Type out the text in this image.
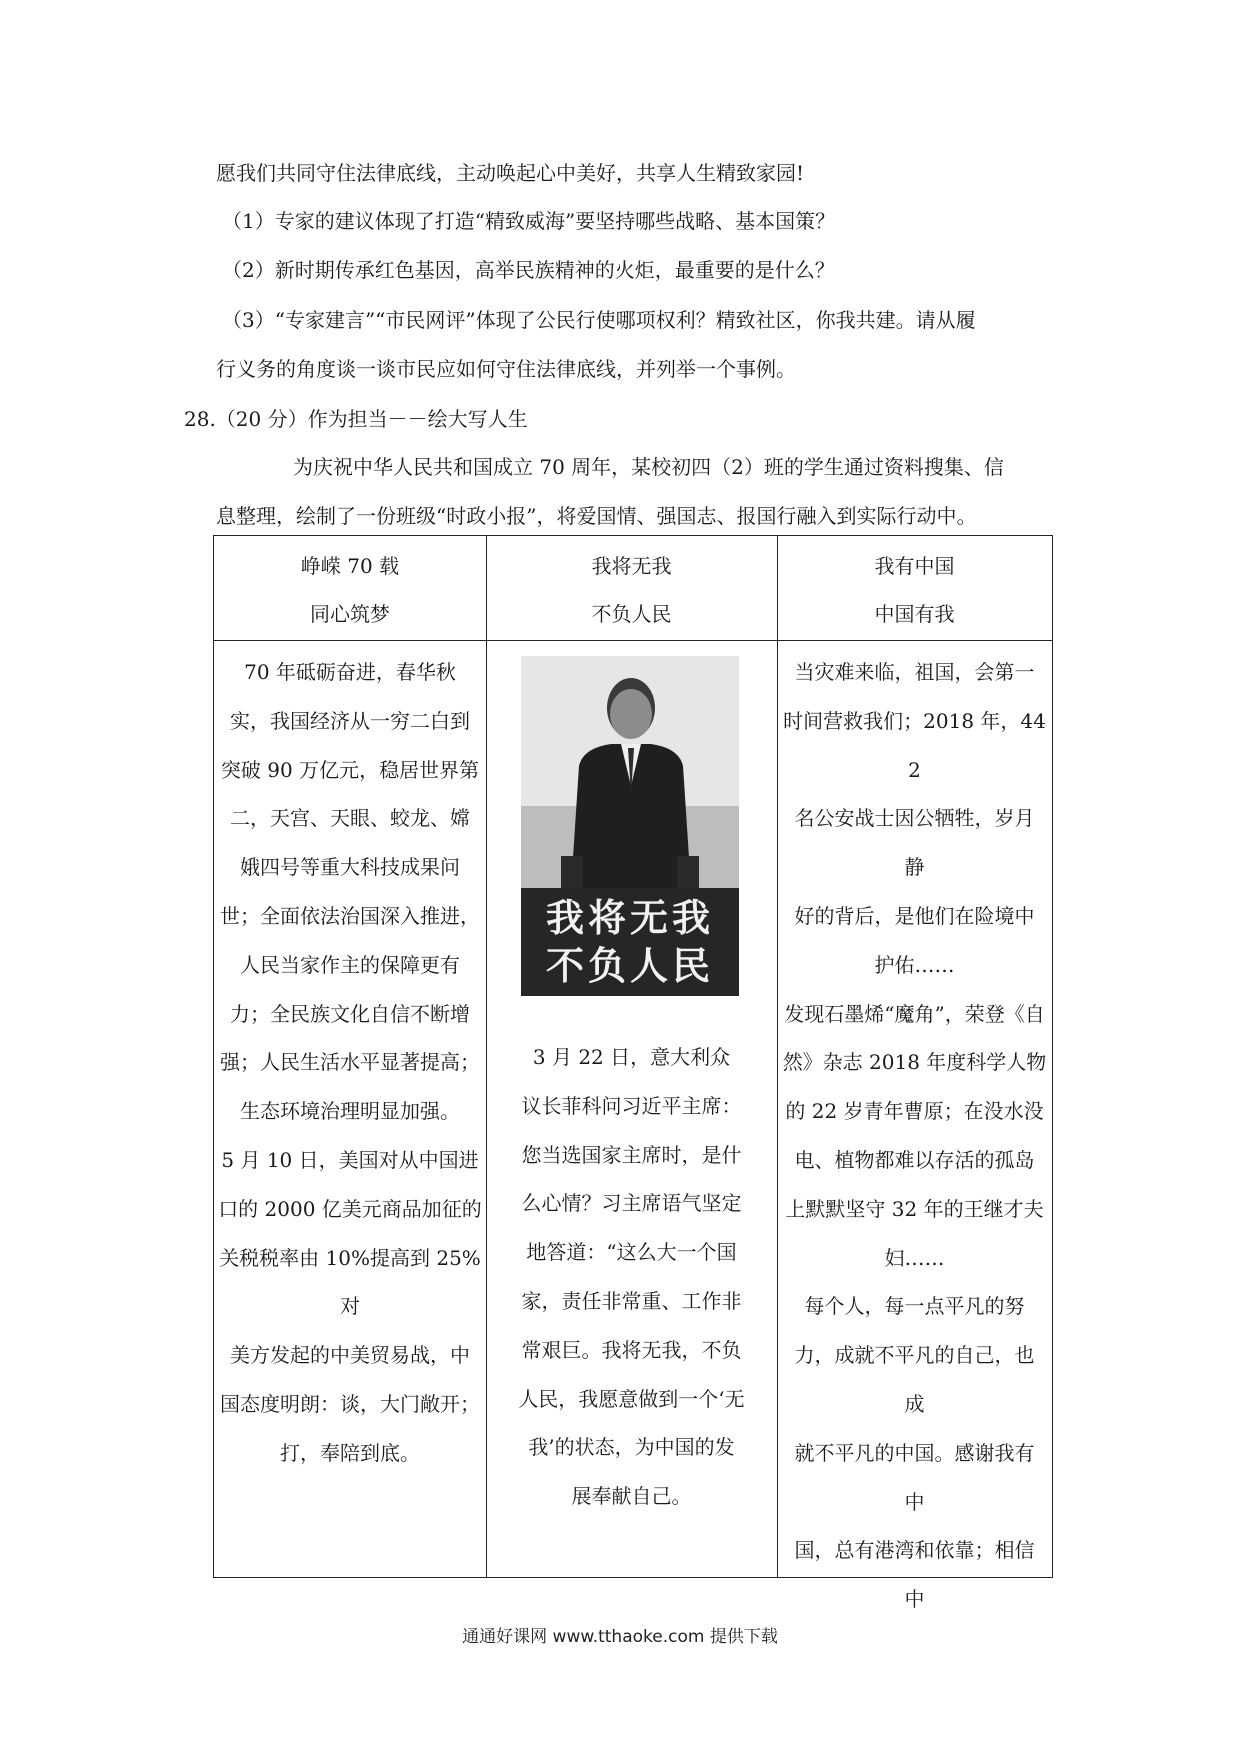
愿我们共同守住法律底线，主动唤起心中美好，共享人生精致家园!
（1）专家的建议体现了打造“精致威海”要坚持哪些战略、基本国策？
（2）新时期传承红色基因，高举民族精神的火炬，最重要的是什么？
（3）“专家建言”“市民网评”体现了公民行使哪项权利？精致社区，你我共建。请从履
行义务的角度谈一谈市民应如何守住法律底线，并列举一个事例。
28.（20 分）作为担当－－绘大写人生
为庆祝中华人民共和国成立 70 周年，某校初四（2）班的学生通过资料搜集、信
息整理，绘制了一份班级“时政小报”，将爱国情、强国志、报国行融入到实际行动中。
峥嵘 70 载
同心筑梦
我将无我
不负人民
我有中国
中国有我

70 年砥砺奋进，春华秋

实，我国经济从一穷二白到

突破 90 万亿元，稳居世界第

二，天宫、天眼、蛟龙、嫦

娥四号等重大科技成果问

世；全面依法治国深入推进，

人民当家作主的保障更有

力；全民族文化自信不断增

强；人民生活水平显著提高；

生态环境治理明显加强。

5 月 10 日，美国对从中国进

口的 2000 亿美元商品加征的

关税税率由 10%提高到 25%对

美方发起的中美贸易战，中

国态度明朗：谈，大门敞开；

打，奉陪到底。

我将无我
不负人民

3 月 22 日，意大利众

议长菲科问习近平主席：

您当选国家主席时，是什

么心情？习主席语气坚定

地答道：“这么大一个国

家，责任非常重、工作非

常艰巨。我将无我，不负

人民，我愿意做到一个‘无

我’的状态，为中国的发

展奉献自己。

当灾难来临，祖国，会第一

时间营救我们；2018 年，442

名公安战士因公牺牲，岁月

静

好的背后，是他们在险境中

护佑……

发现石墨烯“魔角”，荣登《自

然》杂志 2018 年度科学人物

的 22 岁青年曹原；在没水没

电、植物都难以存活的孤岛

上默默坚守 32 年的王继才夫

妇……

每个人，每一点平凡的努

力，成就不平凡的自己，也

成

就不平凡的中国。感谢我有

中

国，总有港湾和依靠；相信

中

通通好课网 www.tthaoke.com 提供下载
